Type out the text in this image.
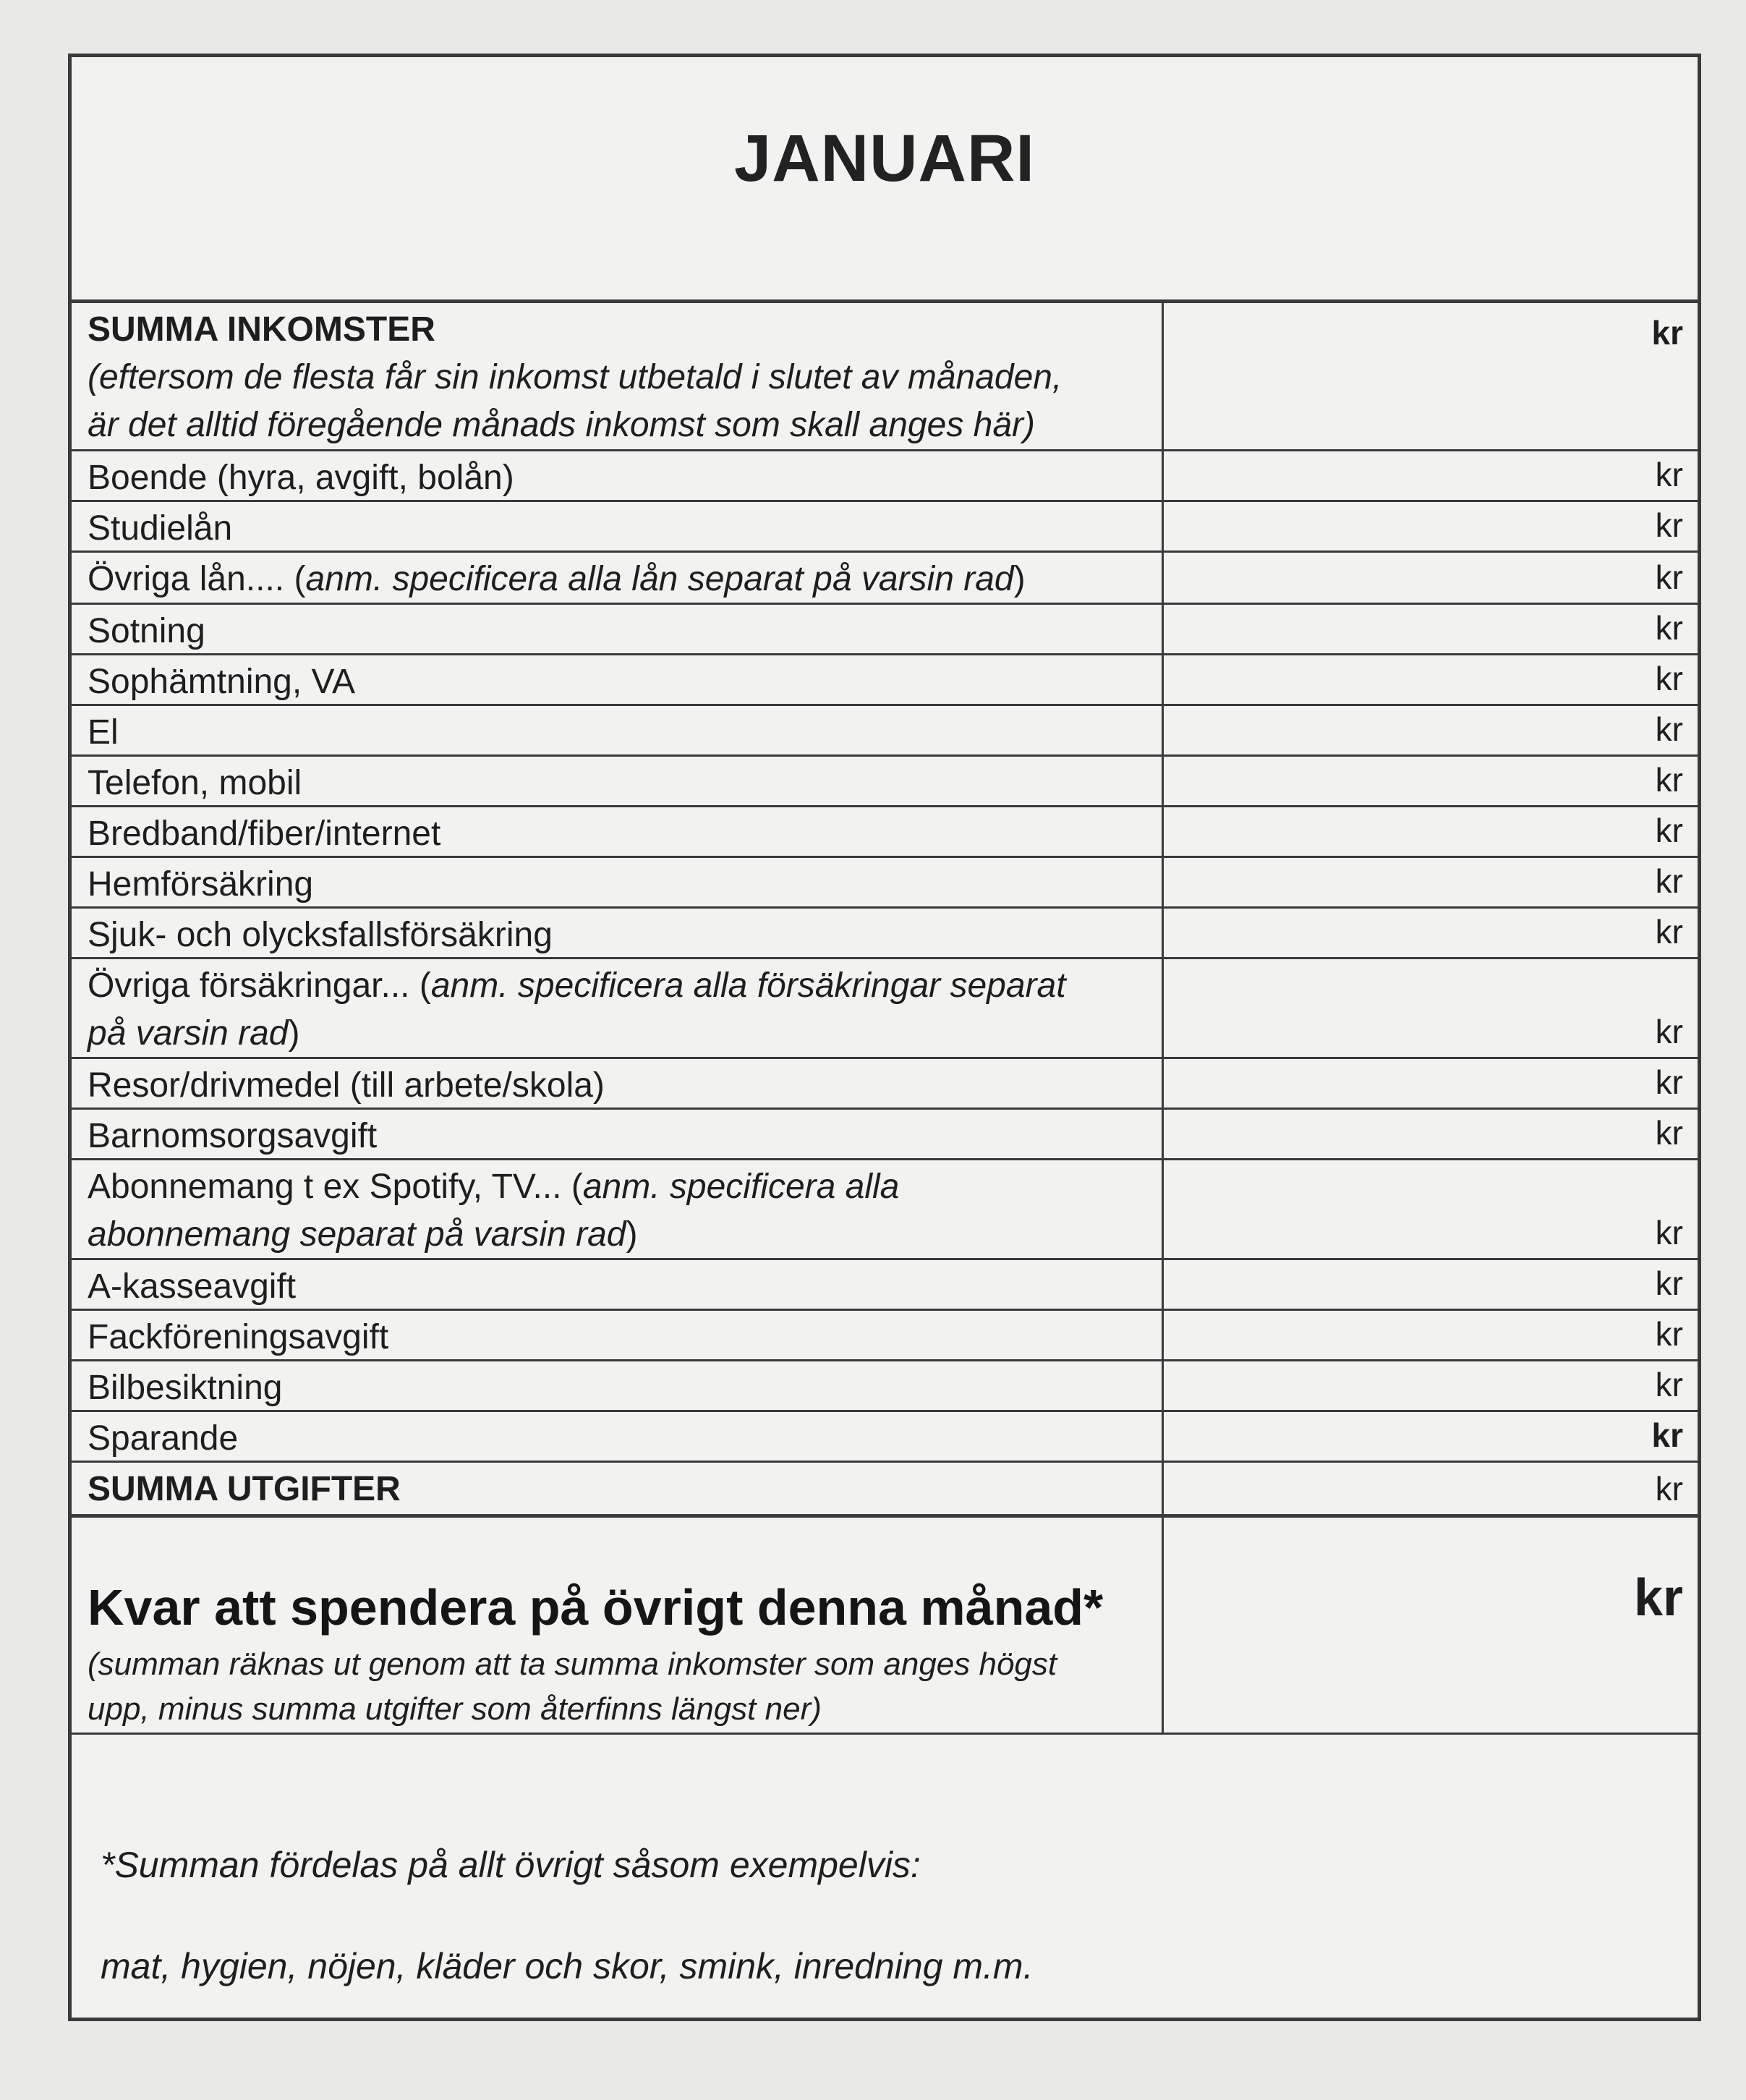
JANUARI
SUMMA INKOMSTER
(eftersom de flesta får sin inkomst utbetald i slutet av månaden,
är det alltid föregående månads inkomst som skall anges här)
kr
Boende (hyra, avgift, bolån)	kr
Studielån	kr
Övriga lån.... (anm. specificera alla lån separat på varsin rad)	kr
Sotning	kr
Sophämtning, VA	kr
El	kr
Telefon, mobil	kr
Bredband/fiber/internet	kr
Hemförsäkring	kr
Sjuk- och olycksfallsförsäkring	kr
Övriga försäkringar... (anm. specificera alla försäkringar separat
på varsin rad)	kr
Resor/drivmedel (till arbete/skola)	kr
Barnomsorgsavgift	kr
Abonnemang t ex Spotify, TV... (anm. specificera alla
abonnemang separat på varsin rad)	kr
A-kasseavgift	kr
Fackföreningsavgift	kr
Bilbesiktning	kr
Sparande	kr
SUMMA UTGIFTER	kr
Kvar att spendera på övrigt denna månad*
(summan räknas ut genom att ta summa inkomster som anges högst
upp, minus summa utgifter som återfinns längst ner)
kr
*Summan fördelas på allt övrigt såsom exempelvis:
mat, hygien, nöjen, kläder och skor, smink, inredning m.m.
